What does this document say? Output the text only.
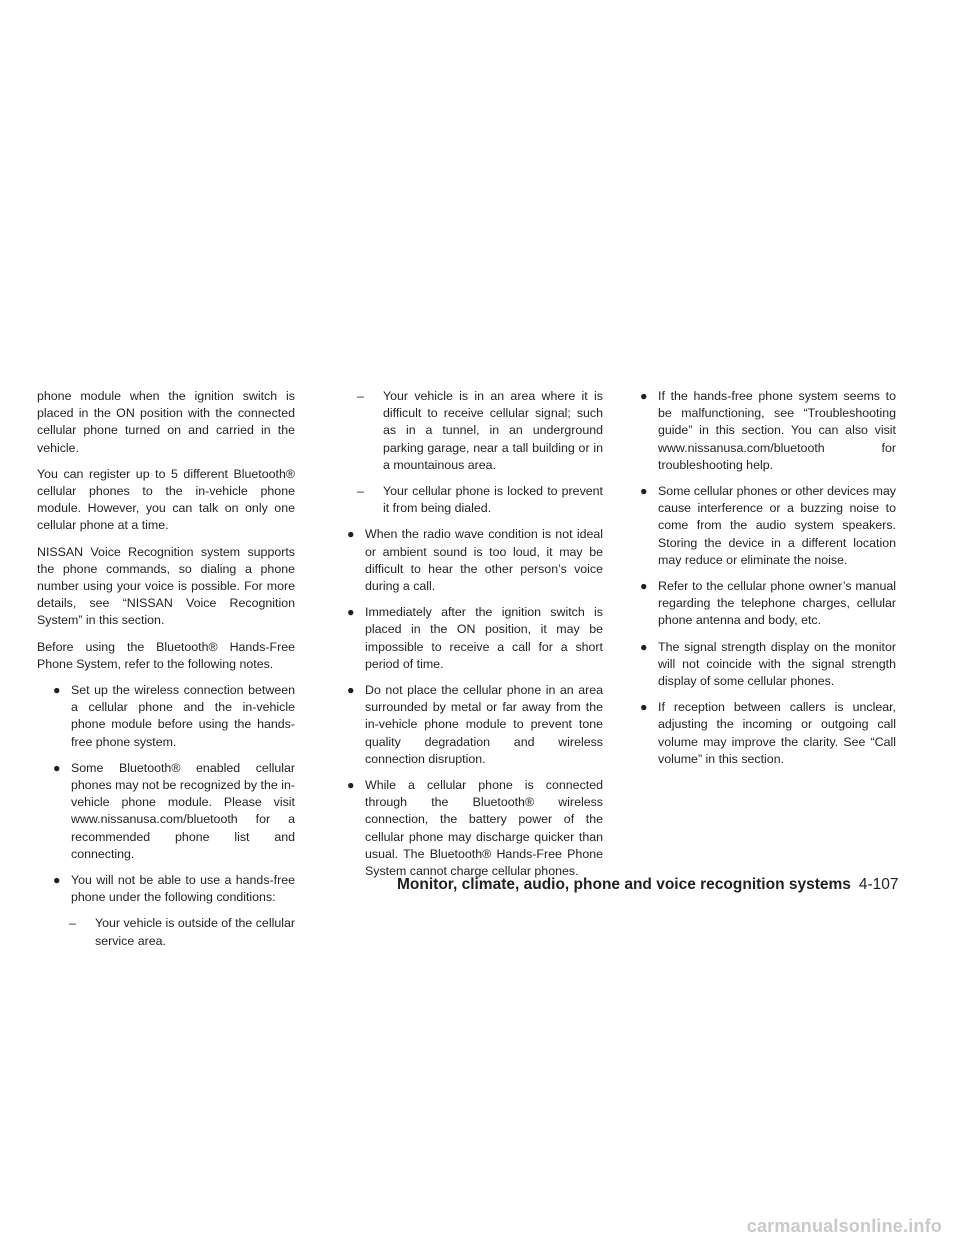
phone module when the ignition switch is placed in the ON position with the connected cellular phone turned on and carried in the vehicle.

You can register up to 5 different Bluetooth® cellular phones to the in-vehicle phone module. However, you can talk on only one cellular phone at a time.

NISSAN Voice Recognition system supports the phone commands, so dialing a phone number using your voice is possible. For more details, see “NISSAN Voice Recognition System” in this section.

Before using the Bluetooth® Hands-Free Phone System, refer to the following notes.

● Set up the wireless connection between a cellular phone and the in-vehicle phone module before using the hands-free phone system.
● Some Bluetooth® enabled cellular phones may not be recognized by the in-vehicle phone module. Please visit www.nissanusa.com/bluetooth for a recommended phone list and connecting.
● You will not be able to use a hands-free phone under the following conditions:
– Your vehicle is outside of the cellular service area.
– Your vehicle is in an area where it is difficult to receive cellular signal; such as in a tunnel, in an underground parking garage, near a tall building or in a mountainous area.
– Your cellular phone is locked to prevent it from being dialed.
● When the radio wave condition is not ideal or ambient sound is too loud, it may be difficult to hear the other person’s voice during a call.
● Immediately after the ignition switch is placed in the ON position, it may be impossible to receive a call for a short period of time.
● Do not place the cellular phone in an area surrounded by metal or far away from the in-vehicle phone module to prevent tone quality degradation and wireless connection disruption.
● While a cellular phone is connected through the Bluetooth® wireless connection, the battery power of the cellular phone may discharge quicker than usual. The Bluetooth® Hands-Free Phone System cannot charge cellular phones.
● If the hands-free phone system seems to be malfunctioning, see “Troubleshooting guide” in this section. You can also visit www.nissanusa.com/bluetooth for troubleshooting help.
● Some cellular phones or other devices may cause interference or a buzzing noise to come from the audio system speakers. Storing the device in a different location may reduce or eliminate the noise.
● Refer to the cellular phone owner’s manual regarding the telephone charges, cellular phone antenna and body, etc.
● The signal strength display on the monitor will not coincide with the signal strength display of some cellular phones.
● If reception between callers is unclear, adjusting the incoming or outgoing call volume may improve the clarity. See “Call volume” in this section.
Monitor, climate, audio, phone and voice recognition systems 4-107
carmanualsonline.info
